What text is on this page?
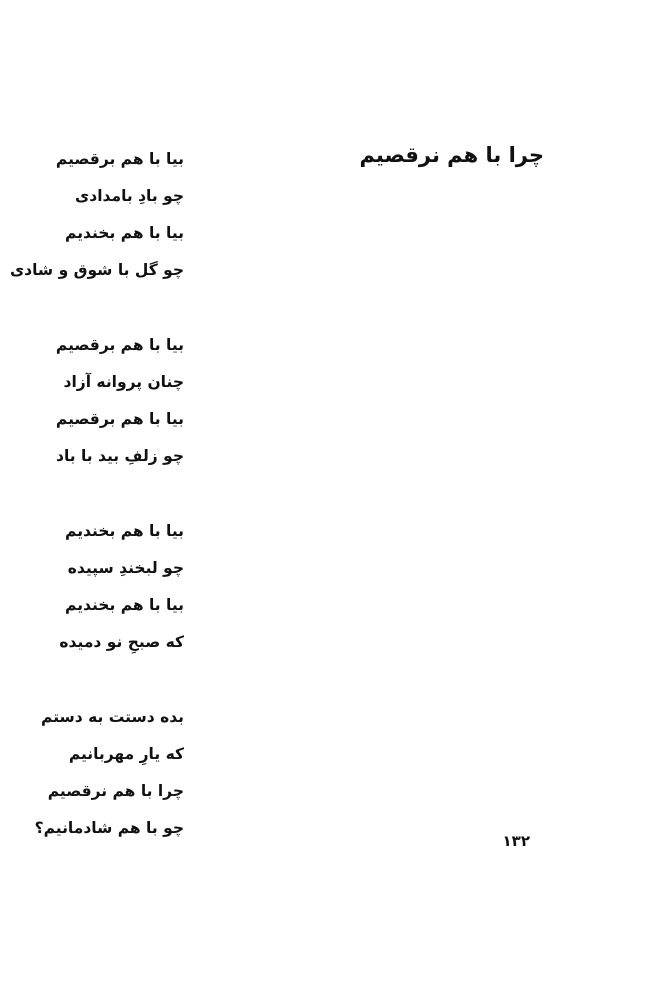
چرا با هم نرقصیم
بیا با هم برقصیم
چو بادِ بامدادی
بیا با هم بخندیم
چو گل با شوق و شادی
بیا با هم برقصیم
چنان پروانه آزاد
بیا با هم برقصیم
چو زلفِ بید با باد
بیا با هم بخندیم
چو لبخندِ سپیده
بیا با هم بخندیم
که صبحِ نو دمیده
بده دستت به دستم
که یارِ مهربانیم
چرا با هم نرقصیم
چو با هم شادمانیم؟
۱۳۲
